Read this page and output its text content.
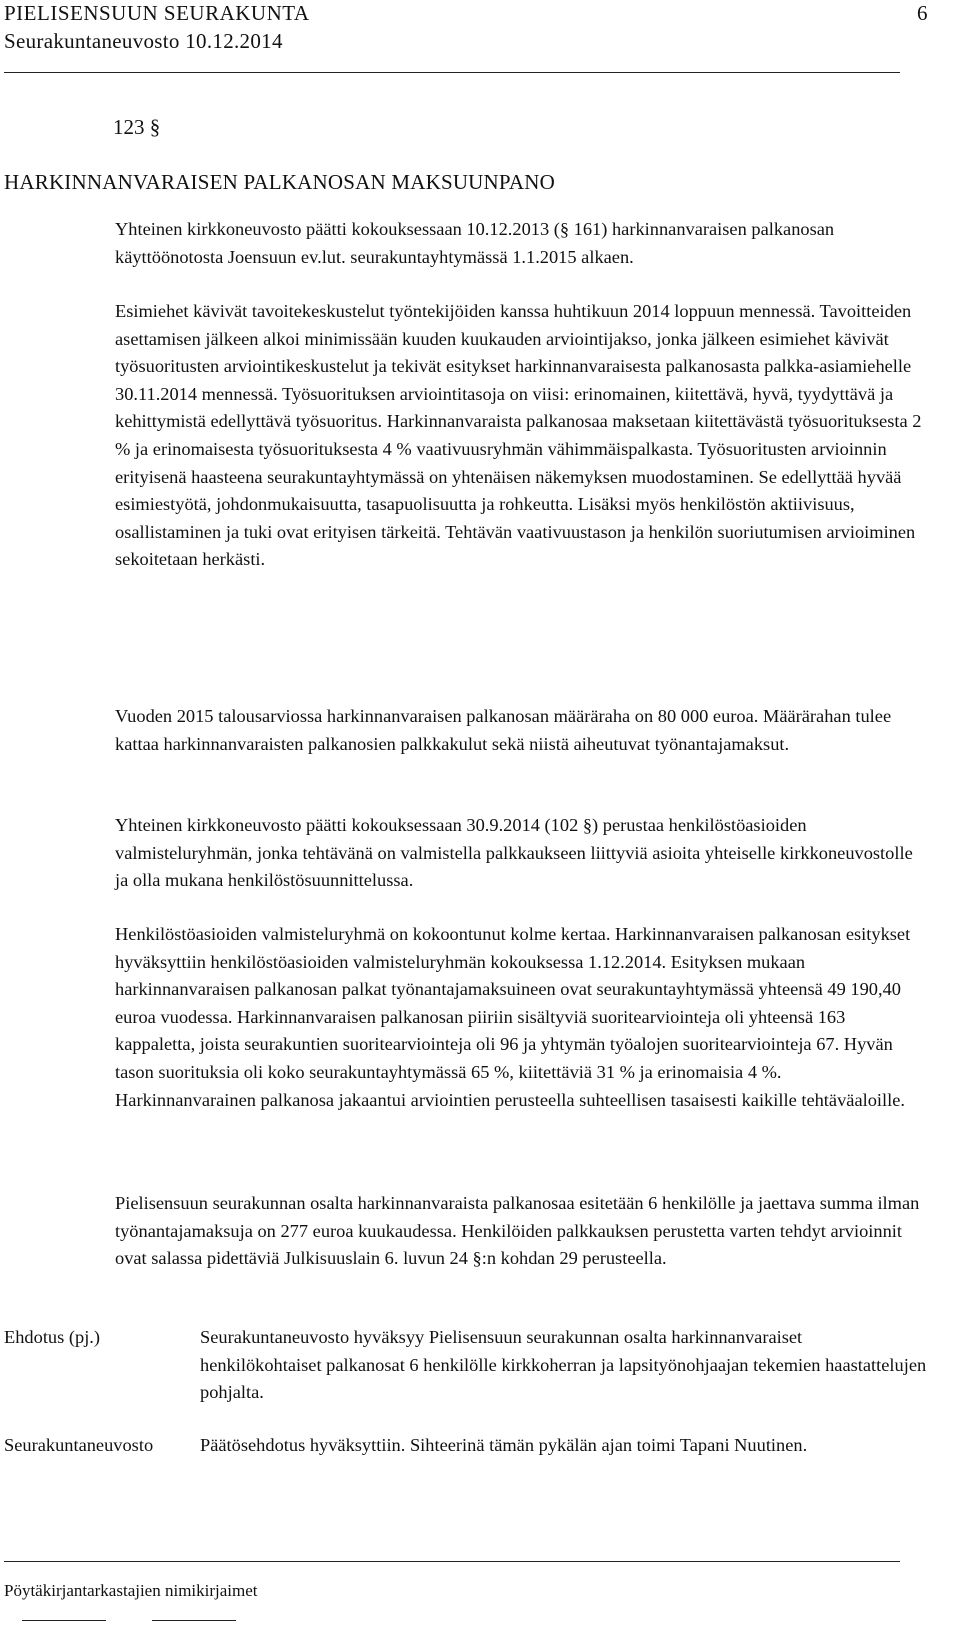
PIELISENSUUN SEURAKUNTA
Seurakuntaneuvosto 10.12.2014
6
123 §
HARKINNANVARAISEN PALKANOSAN MAKSUUNPANO

Yhteinen kirkkoneuvosto päätti kokouksessaan 10.12.2013 (§ 161) harkinnanvaraisen palkanosan käyttöönotosta Joensuun ev.lut. seurakuntayhtymässä 1.1.2015 alkaen.

Esimiehet kävivät tavoitekeskustelut työntekijöiden kanssa huhtikuun 2014 loppuun mennessä. Tavoitteiden asettamisen jälkeen alkoi minimissään kuuden kuukauden arviointijakso, jonka jälkeen esimiehet kävivät työsuoritusten arviointikeskustelut ja tekivät esitykset harkinnanvaraisesta palkanosasta palkka-asiamiehelle 30.11.2014 mennessä. Työsuorituksen arviointitasoja on viisi: erinomainen, kiitettävä, hyvä, tyydyttävä ja kehittymistä edellyttävä työsuoritus. Harkinnanvaraista palkanosaa maksetaan kiitettävästä työsuorituksesta 2 % ja erinomaisesta työsuorituksesta 4 % vaativuusryhmän vähimmäispalkasta. Työsuoritusten arvioinnin erityisenä haasteena seurakuntayhtymässä on yhtenäisen näkemyksen muodostaminen. Se edellyttää hyvää esimiestyötä, johdonmukaisuutta, tasapuolisuutta ja rohkeutta. Lisäksi myös henkilöstön aktiivisuus, osallistaminen ja tuki ovat erityisen tärkeitä. Tehtävän vaativuustason ja henkilön suoriutumisen arvioiminen sekoitetaan herkästi.

Vuoden 2015 talousarviossa harkinnanvaraisen palkanosan määräraha on 80 000 euroa. Määrärahan tulee kattaa harkinnanvaraisten palkanosien palkkakulut sekä niistä aiheutuvat työnantajamaksut.

Yhteinen kirkkoneuvosto päätti kokouksessaan 30.9.2014 (102 §) perustaa henkilöstöasioiden valmisteluryhmän, jonka tehtävänä on valmistella palkkaukseen liittyviä asioita yhteiselle kirkkoneuvostolle ja olla mukana henkilöstösuunnittelussa.

Henkilöstöasioiden valmisteluryhmä on kokoontunut kolme kertaa. Harkinnanvaraisen palkanosan esitykset hyväksyttiin henkilöstöasioiden valmisteluryhmän kokouksessa 1.12.2014. Esityksen mukaan harkinnanvaraisen palkanosan palkat työnantajamaksuineen ovat seurakuntayhtymässä yhteensä 49 190,40 euroa vuodessa. Harkinnanvaraisen palkanosan piiriin sisältyviä suoritearviointeja oli yhteensä 163 kappaletta, joista seurakuntien suoritearviointeja oli 96 ja yhtymän työalojen suoritearviointeja 67. Hyvän tason suorituksia oli koko seurakuntayhtymässä 65 %, kiitettäviä 31 % ja erinomaisia 4 %. Harkinnanvarainen palkanosa jakaantui arviointien perusteella suhteellisen tasaisesti kaikille tehtäväaloille.

Pielisensuun seurakunnan osalta harkinnanvaraista palkanosaa esitetään 6 henkilölle ja jaettava summa ilman työnantajamaksuja on 277 euroa kuukaudessa. Henkilöiden palkkauksen perustetta varten tehdyt arvioinnit ovat salassa pidettäviä Julkisuuslain 6. luvun 24 §:n kohdan 29 perusteella.

Ehdotus (pj.)	Seurakuntaneuvosto hyväksyy Pielisensuun seurakunnan osalta harkinnanvaraiset henkilökohtaiset palkanosat 6 henkilölle kirkkoherran ja lapsityönohjaajan tekemien haastattelujen pohjalta.

Seurakuntaneuvosto	Päätösehdotus hyväksyttiin. Sihteerinä tämän pykälän ajan toimi Tapani Nuutinen.

Pöytäkirjantarkastajien nimikirjaimet
